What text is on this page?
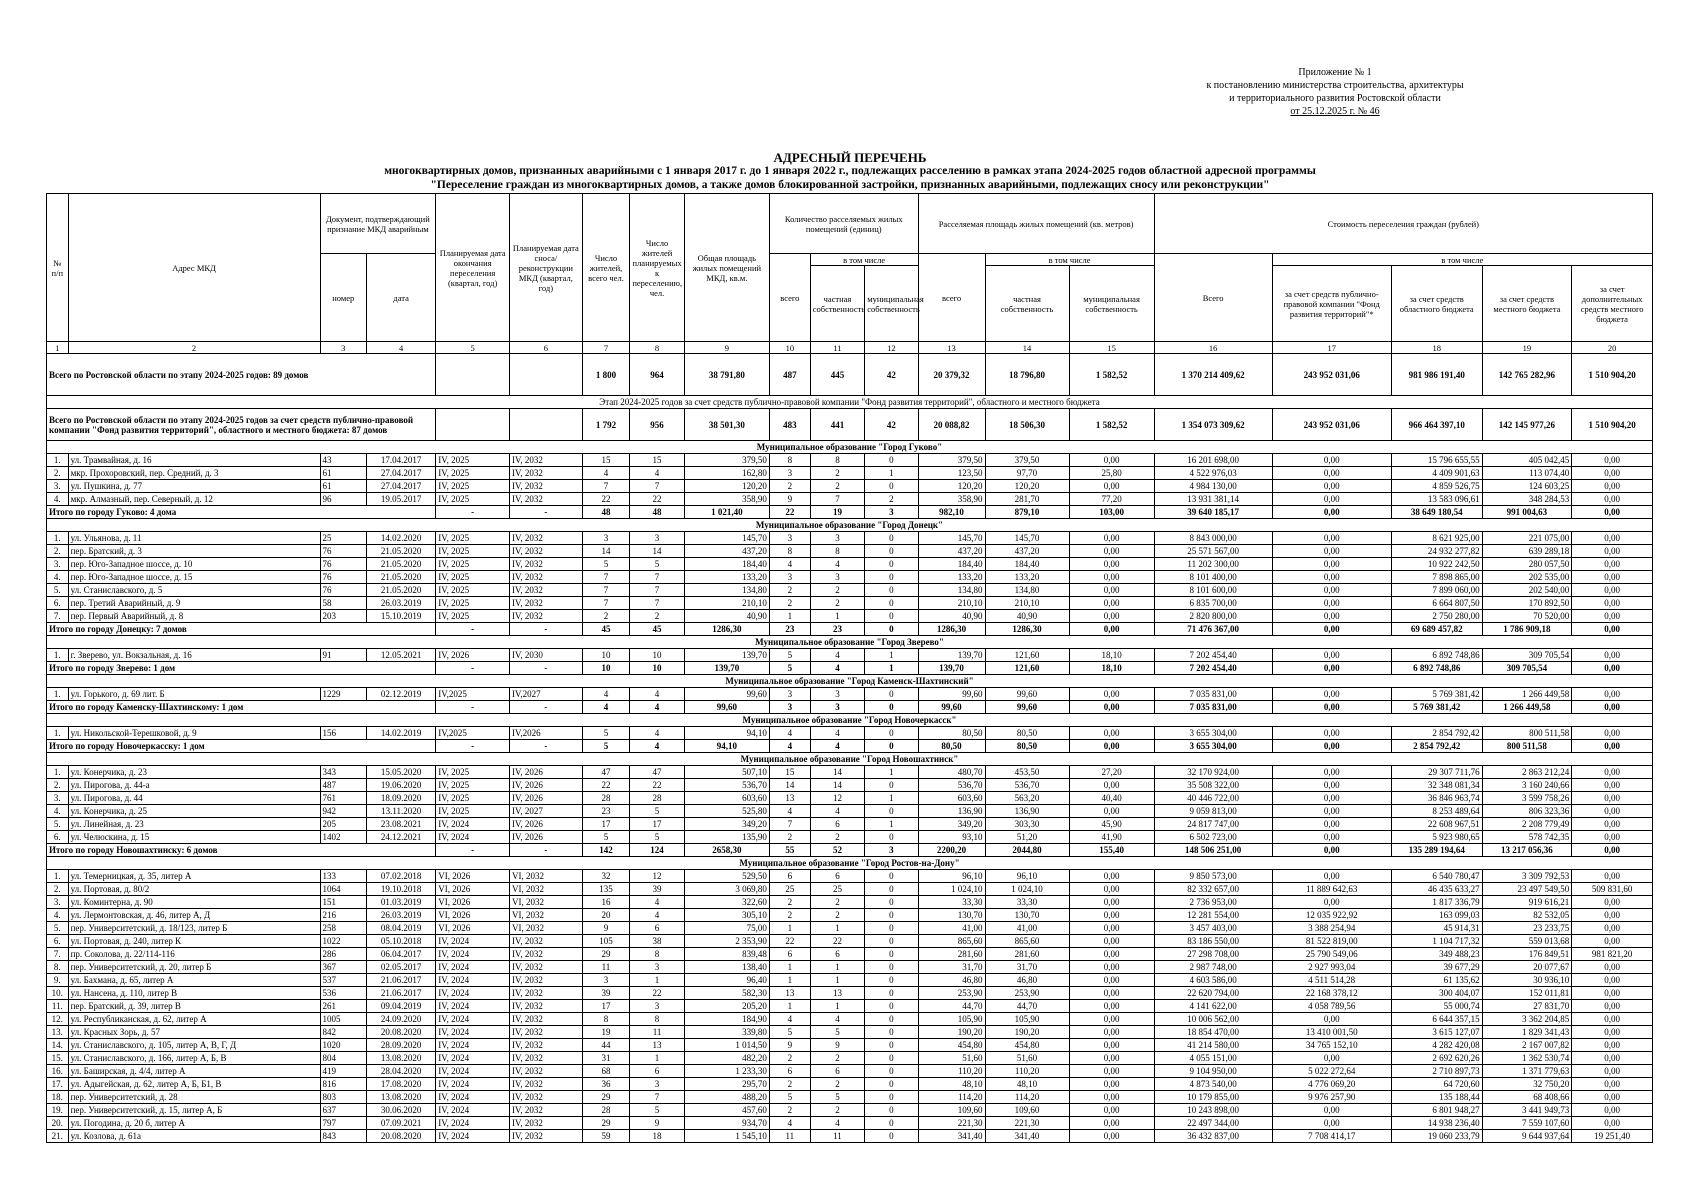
Приложение № 1
к постановлению министерства строительства, архитектуры
и территориального развития Ростовской области
от 25.12.2025 г. № 46
АДРЕСНЫЙ ПЕРЕЧЕНЬ
многоквартирных домов, признанных аварийными с 1 января 2017 г. до 1 января 2022 г., подлежащих расселению в рамках этапа 2024-2025 годов областной адресной программы
"Переселение граждан из многоквартирных домов, а также домов блокированной застройки, признанных аварийными, подлежащих сносу или реконструкции"
№ п/п	Адрес МКД	Документ, подтверждающий признание МКД аварийным		Планируемая дата окончания переселения (квартал, год)	Планируемая дата сноса/реконструкции МКД (квартал, год)	Число жителей, всего чел.	Число жителей планируемых к переселению, чел.	Общая площадь жилых помещений МКД, кв.м.	Количество расселяемых жилых помещений (единиц)			Расселяемая площадь жилых помещений (кв. метров)			Стоимость переселения граждан (рублей)				
		номер	дата						всего	в том числе		всего	в том числе		Всего	в том числе			
										частная собственность	муниципальная собственность		частная собственность	муниципальная собственность		за счет средств публично-правовой компании "Фонд развития территорий"*	за счет средств областного бюджета	за счет средств местного бюджета	за счет дополнительных средств местного бюджета
1	2	3	4	5	6	7	8	9	10	11	12	13	14	15	16	17	18	19	20
Всего по Ростовской области по этапу 2024-2025 годов: 89 домов						1 800	964	38 791,80	487	445	42	20 379,32	18 796,80	1 582,52	1 370 214 409,62	243 952 031,06	981 986 191,40	142 765 282,96	1 510 904,20
Этап 2024-2025 годов за счет средств публично-правовой компании "Фонд развития территорий", областного и местного бюджета																			
Всего по Ростовской области по этапу 2024-2025 годов за счет средств публично-правовой компании "Фонд развития территорий", областного и местного бюджета: 87 домов						1 792	956	38 501,30	483	441	42	20 088,82	18 506,30	1 582,52	1 354 073 309,62	243 952 031,06	966 464 397,10	142 145 977,26	1 510 904,20
Муниципальное образование "Город Гуково"																			
1.	ул. Трамвайная, д. 16	43	17.04.2017	IV, 2025	IV, 2032	15	15	379,50	8	8	0	379,50	379,50	0,00	16 201 698,00	0,00	15 796 655,55	405 042,45	0,00
2.	мкр. Прохоровский, пер. Средний, д. 3	61	27.04.2017	IV, 2025	IV, 2032	4	4	162,80	3	2	1	123,50	97,70	25,80	4 522 976,03	0,00	4 409 901,63	113 074,40	0,00
3.	ул. Пушкина, д. 77	61	27.04.2017	IV, 2025	IV, 2032	7	7	120,20	2	2	0	120,20	120,20	0,00	4 984 130,00	0,00	4 859 526,75	124 603,25	0,00
4.	мкр. Алмазный, пер. Северный, д. 12	96	19.05.2017	IV, 2025	IV, 2032	22	22	358,90	9	7	2	358,90	281,70	77,20	13 931 381,14	0,00	13 583 096,61	348 284,53	0,00
Итого по городу Гуково: 4 дома				-	-	48	48	1 021,40	22	19	3	982,10	879,10	103,00	39 640 185,17	0,00	38 649 180,54	991 004,63	0,00
Муниципальное образование "Город Донецк"																			
1.	ул. Ульянова, д. 11	25	14.02.2020	IV, 2025	IV, 2032	3	3	145,70	3	3	0	145,70	145,70	0,00	8 843 000,00	0,00	8 621 925,00	221 075,00	0,00
2.	пер. Братский, д. 3	76	21.05.2020	IV, 2025	IV, 2032	14	14	437,20	8	8	0	437,20	437,20	0,00	25 571 567,00	0,00	24 932 277,82	639 289,18	0,00
3.	пер. Юго-Западное шоссе, д. 10	76	21.05.2020	IV, 2025	IV, 2032	5	5	184,40	4	4	0	184,40	184,40	0,00	11 202 300,00	0,00	10 922 242,50	280 057,50	0,00
4.	пер. Юго-Западное шоссе, д. 15	76	21.05.2020	IV, 2025	IV, 2032	7	7	133,20	3	3	0	133,20	133,20	0,00	8 101 400,00	0,00	7 898 865,00	202 535,00	0,00
5.	ул. Станиславского, д. 5	76	21.05.2020	IV, 2025	IV, 2032	7	7	134,80	2	2	0	134,80	134,80	0,00	8 101 600,00	0,00	7 899 060,00	202 540,00	0,00
6.	пер. Третий Аварийный, д. 9	58	26.03.2019	IV, 2025	IV, 2032	7	7	210,10	2	2	0	210,10	210,10	0,00	6 835 700,00	0,00	6 664 807,50	170 892,50	0,00
7.	пер. Первый Аварийный, д. 8	203	15.10.2019	IV, 2025	IV, 2032	2	2	40,90	1	1	0	40,90	40,90	0,00	2 820 800,00	0,00	2 750 280,00	70 520,00	0,00
Итого по городу Донецку: 7 домов				-	-	45	45	1286,30	23	23	0	1286,30	1286,30	0,00	71 476 367,00	0,00	69 689 457,82	1 786 909,18	0,00
Муниципальное образование "Город Зверево"																			
1.	г. Зверево, ул. Вокзальная, д. 16	91	12.05.2021	IV, 2026	IV, 2030	10	10	139,70	5	4	1	139,70	121,60	18,10	7 202 454,40	0,00	6 892 748,86	309 705,54	0,00
Итого по городу Зверево: 1 дом				-	-	10	10	139,70	5	4	1	139,70	121,60	18,10	7 202 454,40	0,00	6 892 748,86	309 705,54	0,00
Муниципальное образование "Город Каменск-Шахтинский"																			
1.	ул. Горького, д. 69 лит. Б	1229	02.12.2019	IV,2025	IV,2027	4	4	99,60	3	3	0	99,60	99,60	0,00	7 035 831,00	0,00	5 769 381,42	1 266 449,58	0,00
Итого по городу Каменску-Шахтинскому: 1 дом				-	-	4	4	99,60	3	3	0	99,60	99,60	0,00	7 035 831,00	0,00	5 769 381,42	1 266 449,58	0,00
Муниципальное образование "Город Новочеркасск"																			
1.	ул. Никольской-Терешковой, д. 9	156	14.02.2019	IV,2025	IV,2026	5	4	94,10	4	4	0	80,50	80,50	0,00	3 655 304,00	0,00	2 854 792,42	800 511,58	0,00
Итого по городу Новочеркасску: 1 дом				-	-	5	4	94,10	4	4	0	80,50	80,50	0,00	3 655 304,00	0,00	2 854 792,42	800 511,58	0,00
Муниципальное образование "Город Новошахтинск"																			
1.	ул. Конерчика, д. 23	343	15.05.2020	IV, 2025	IV, 2026	47	47	507,10	15	14	1	480,70	453,50	27,20	32 170 924,00	0,00	29 307 711,76	2 863 212,24	0,00
2.	ул. Пирогова, д. 44-а	487	19.06.2020	IV, 2025	IV, 2026	22	22	536,70	14	14	0	536,70	536,70	0,00	35 508 322,00	0,00	32 348 081,34	3 160 240,66	0,00
3.	ул. Пирогова, д. 44	761	18.09.2020	IV, 2025	IV, 2026	28	28	603,60	13	12	1	603,60	563,20	40,40	40 446 722,00	0,00	36 846 963,74	3 599 758,26	0,00
4.	ул. Конерчика, д. 25	942	13.11.2020	IV, 2025	IV, 2027	23	5	525,80	4	4	0	136,90	136,90	0,00	9 059 813,00	0,00	8 253 489,64	806 323,36	0,00
5.	ул. Линейная, д. 23	205	23.08.2021	IV, 2024	IV, 2026	17	17	349,20	7	6	1	349,20	303,30	45,90	24 817 747,00	0,00	22 608 967,51	2 208 779,49	0,00
6.	ул. Челюскина, д. 15	1402	24.12.2021	IV, 2024	IV, 2026	5	5	135,90	2	2	0	93,10	51,20	41,90	6 502 723,00	0,00	5 923 980,65	578 742,35	0,00
Итого по городу Новошахтинску: 6 домов				-	-	142	124	2658,30	55	52	3	2200,20	2044,80	155,40	148 506 251,00	0,00	135 289 194,64	13 217 056,36	0,00
Муниципальное образование "Город Ростов-на-Дону"																			
1.	ул. Темерницкая, д. 35, литер А	133	07.02.2018	VI, 2026	VI, 2032	32	12	529,50	6	6	0	96,10	96,10	0,00	9 850 573,00	0,00	6 540 780,47	3 309 792,53	0,00
2.	ул. Портовая, д. 80/2	1064	19.10.2018	VI, 2026	VI, 2032	135	39	3 069,80	25	25	0	1 024,10	1 024,10	0,00	82 332 657,00	11 889 642,63	46 435 633,27	23 497 549,50	509 831,60
3.	ул. Коминтерна, д. 90	151	01.03.2019	VI, 2026	VI, 2032	16	4	322,60	2	2	0	33,30	33,30	0,00	2 736 953,00	0,00	1 817 336,79	919 616,21	0,00
4.	ул. Лермонтовская, д. 46, литер А, Д	216	26.03.2019	VI, 2026	VI, 2032	20	4	305,10	2	2	0	130,70	130,70	0,00	12 281 554,00	12 035 922,92	163 099,03	82 532,05	0,00
5.	пер. Университетский, д. 18/123, литер Б	258	08.04.2019	VI, 2026	VI, 2032	9	6	75,00	1	1	0	41,00	41,00	0,00	3 457 403,00	3 388 254,94	45 914,31	23 233,75	0,00
6.	ул. Портовая, д. 240, литер К	1022	05.10.2018	IV, 2024	IV, 2032	105	38	2 353,90	22	22	0	865,60	865,60	0,00	83 186 550,00	81 522 819,00	1 104 717,32	559 013,68	0,00
7.	пр. Соколова, д. 22/114-116	286	06.04.2017	IV, 2024	IV, 2032	29	8	839,48	6	6	0	281,60	281,60	0,00	27 298 708,00	25 790 549,06	349 488,23	176 849,51	981 821,20
8.	пер. Университетский, д. 20, литер Б	367	02.05.2017	IV, 2024	IV, 2032	11	3	138,40	1	1	0	31,70	31,70	0,00	2 987 748,00	2 927 993,04	39 677,29	20 077,67	0,00
9.	ул. Бахмана, д. 65, литер А	537	21.06.2017	IV, 2024	IV, 2032	3	1	96,40	1	1	0	46,80	46,80	0,00	4 603 586,00	4 511 514,28	61 135,62	30 936,10	0,00
10.	ул. Нансена, д. 110, литер В	536	21.06.2017	IV, 2024	IV, 2032	39	22	582,30	13	13	0	253,90	253,90	0,00	22 620 794,00	22 168 378,12	300 404,07	152 011,81	0,00
11.	пер. Братский, д. 39, литер В	261	09.04.2019	IV, 2024	IV, 2032	17	3	205,20	1	1	0	44,70	44,70	0,00	4 141 622,00	4 058 789,56	55 000,74	27 831,70	0,00
12.	ул. Республиканская, д. 62, литер А	1005	24.09.2020	IV, 2024	IV, 2032	8	8	184,90	4	4	0	105,90	105,90	0,00	10 006 562,00	0,00	6 644 357,15	3 362 204,85	0,00
13.	ул. Красных Зорь, д. 57	842	20.08.2020	IV, 2024	IV, 2032	19	11	339,80	5	5	0	190,20	190,20	0,00	18 854 470,00	13 410 001,50	3 615 127,07	1 829 341,43	0,00
14.	ул. Станиславского, д. 105, литер А, В, Г, Д	1020	28.09.2020	IV, 2024	IV, 2032	44	13	1 014,50	9	9	0	454,80	454,80	0,00	41 214 580,00	34 765 152,10	4 282 420,08	2 167 007,82	0,00
15.	ул. Станиславского, д. 166, литер А, Б, В	804	13.08.2020	IV, 2024	IV, 2032	31	1	482,20	2	2	0	51,60	51,60	0,00	4 055 151,00	0,00	2 692 620,26	1 362 530,74	0,00
16.	ул. Баширская, д. 4/4, литер А	419	28.04.2020	IV, 2024	IV, 2032	68	6	1 233,30	6	6	0	110,20	110,20	0,00	9 104 950,00	5 022 272,64	2 710 897,73	1 371 779,63	0,00
17.	ул. Адыгейская, д. 62, литер А, Б, Б1, В	816	17.08.2020	IV, 2024	IV, 2032	36	3	295,70	2	2	0	48,10	48,10	0,00	4 873 540,00	4 776 069,20	64 720,60	32 750,20	0,00
18.	пер. Университетский, д. 28	803	13.08.2020	IV, 2024	IV, 2032	29	7	488,20	5	5	0	114,20	114,20	0,00	10 179 855,00	9 976 257,90	135 188,44	68 408,66	0,00
19.	пер. Университетский, д. 15, литер А, Б	637	30.06.2020	IV, 2024	IV, 2032	28	5	457,60	2	2	0	109,60	109,60	0,00	10 243 898,00	0,00	6 801 948,27	3 441 949,73	0,00
20.	ул. Погодина, д. 20 б, литер А	797	07.09.2021	IV, 2024	IV, 2032	29	9	934,70	4	4	0	221,30	221,30	0,00	22 497 344,00	0,00	14 938 236,40	7 559 107,60	0,00
21.	ул. Козлова, д. 61а	843	20.08.2020	IV, 2024	IV, 2032	59	18	1 545,10	11	11	0	341,40	341,40	0,00	36 432 837,00	7 708 414,17	19 060 233,79	9 644 937,64	19 251,40
